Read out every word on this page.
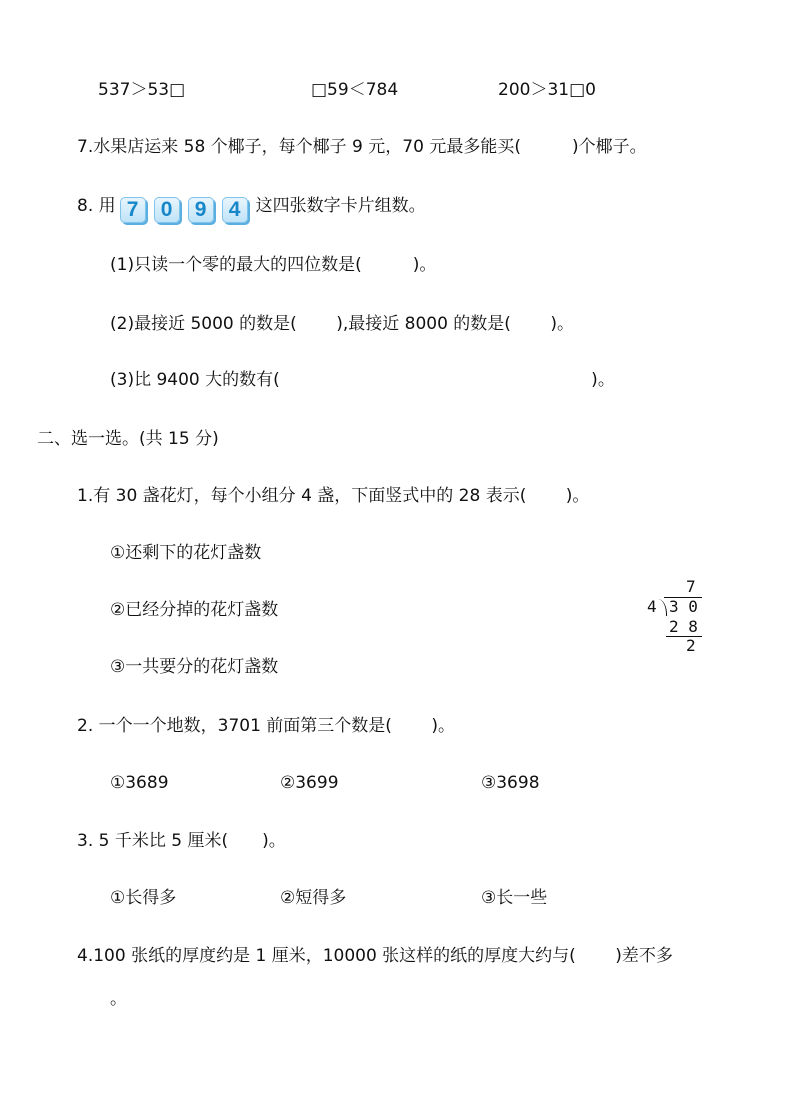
537＞53□	□59＜784	200＞31□0
7.水果店运来 58 个椰子，每个椰子 9 元，70 元最多能买(　　　)个椰子。
8. 用 7 0 9 4 这四张数字卡片组数。
(1)只读一个零的最大的四位数是(　　　)。
(2)最接近 5000 的数是(　　 ),最接近 8000 的数是(　　 )。
(3)比 9400 大的数有(　　　　　　　　　　　　　　　　　　 )。
二、选一选。(共 15 分)
1.有 30 盏花灯，每个小组分 4 盏，下面竖式中的 28 表示(　　 )。
①还剩下的花灯盏数
②已经分掉的花灯盏数
③一共要分的花灯盏数
7
4 3 0
2 8
2
2. 一个一个地数，3701 前面第三个数是(　　 )。
①3689	②3699	③3698
3. 5 千米比 5 厘米(　　)。
①长得多	②短得多	③长一些
4.100 张纸的厚度约是 1 厘米，10000 张这样的纸的厚度大约与(　　 )差不多
。
